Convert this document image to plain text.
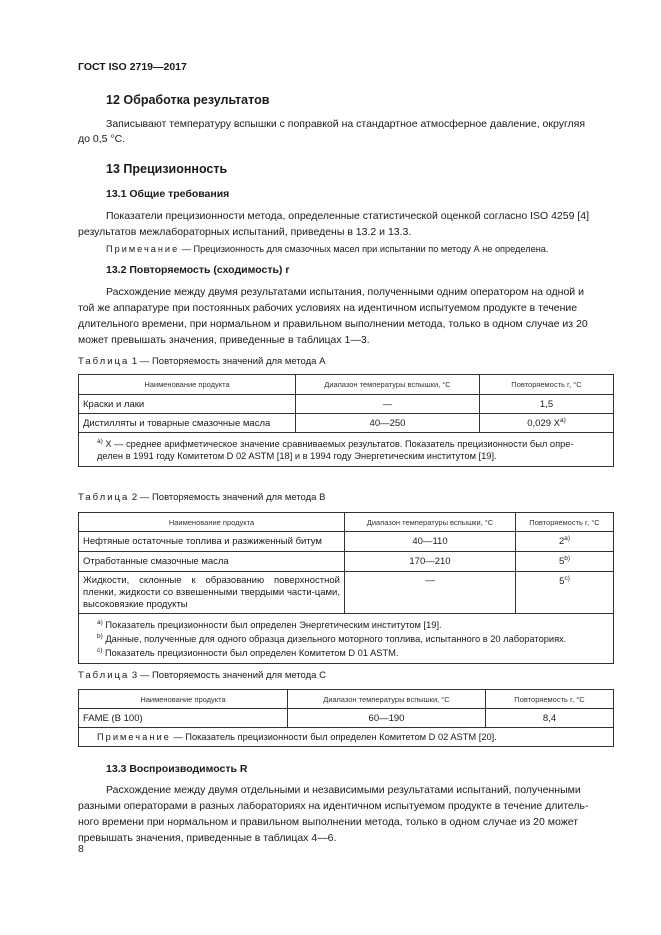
ГОСТ ISO 2719—2017
12 Обработка результатов
Записывают температуру вспышки с поправкой на стандартное атмосферное давление, округляя
до 0,5 °С.
13 Прецизионность
13.1 Общие требования
Показатели прецизионности метода, определенные статистической оценкой согласно ISO 4259 [4]
результатов межлабораторных испытаний, приведены в 13.2 и 13.3.
Примечание — Прецизионность для смазочных масел при испытании по методу А не определена.
13.2 Повторяемость (сходимость) r
Расхождение между двумя результатами испытания, полученными одним оператором на одной и
той же аппаратуре при постоянных рабочих условиях на идентичном испытуемом продукте в течение
длительного времени, при нормальном и правильном выполнении метода, только в одном случае из 20
может превышать значения, приведенные в таблицах 1—3.
Таблица 1 — Повторяемость значений для метода А
Наименование продукта	Диапазон температуры вспышки, °С	Повторяемость r, °С
Краски и лаки	—	1,5
Дистилляты и товарные смазочные масла	40—250	0,029 $X^{a)}$

$^{a)}$ X — среднее арифметическое значение сравниваемых результатов. Показатель прецизионности был опре-
делен в 1991 году Комитетом D 02 ASTM [18] и в 1994 году Энергетическим институтом [19].		
Таблица 2 — Повторяемость значений для метода В
Наименование продукта	Диапазон температуры вспышки, °С	Повторяемость r, °С
Нефтяные остаточные топлива и разжиженный битум	40—110	2$^{a)}$
Отработанные смазочные масла	170—210	5$^{b)}$
Жидкости, склонные к образованию поверхностной пленки, жидкости со взвешенными твердыми части-цами, высоковязкие продукты	—	5$^{c)}$

$^{a)}$ Показатель прецизионности был определен Энергетическим институтом [19].
$^{b)}$ Данные, полученные для одного образца дизельного моторного топлива, испытанного в 20 лабораториях.
$^{c)}$ Показатель прецизионности был определен Комитетом D 01 ASTM.		
Таблица 3 — Повторяемость значений для метода С
Наименование продукта	Диапазон температуры вспышки, °С	Повторяемость r, °С
FAME (B 100)	60—190	8,4
Примечание — Показатель прецизионности был определен Комитетом D 02 ASTM [20].		
13.3 Воспроизводимость R
Расхождение между двумя отдельными и независимыми результатами испытаний, полученными
разными операторами в разных лабораториях на идентичном испытуемом продукте в течение длитель-
ного времени при нормальном и правильном выполнении метода, только в одном случае из 20 может
превышать значения, приведенные в таблицах 4—6.
8
